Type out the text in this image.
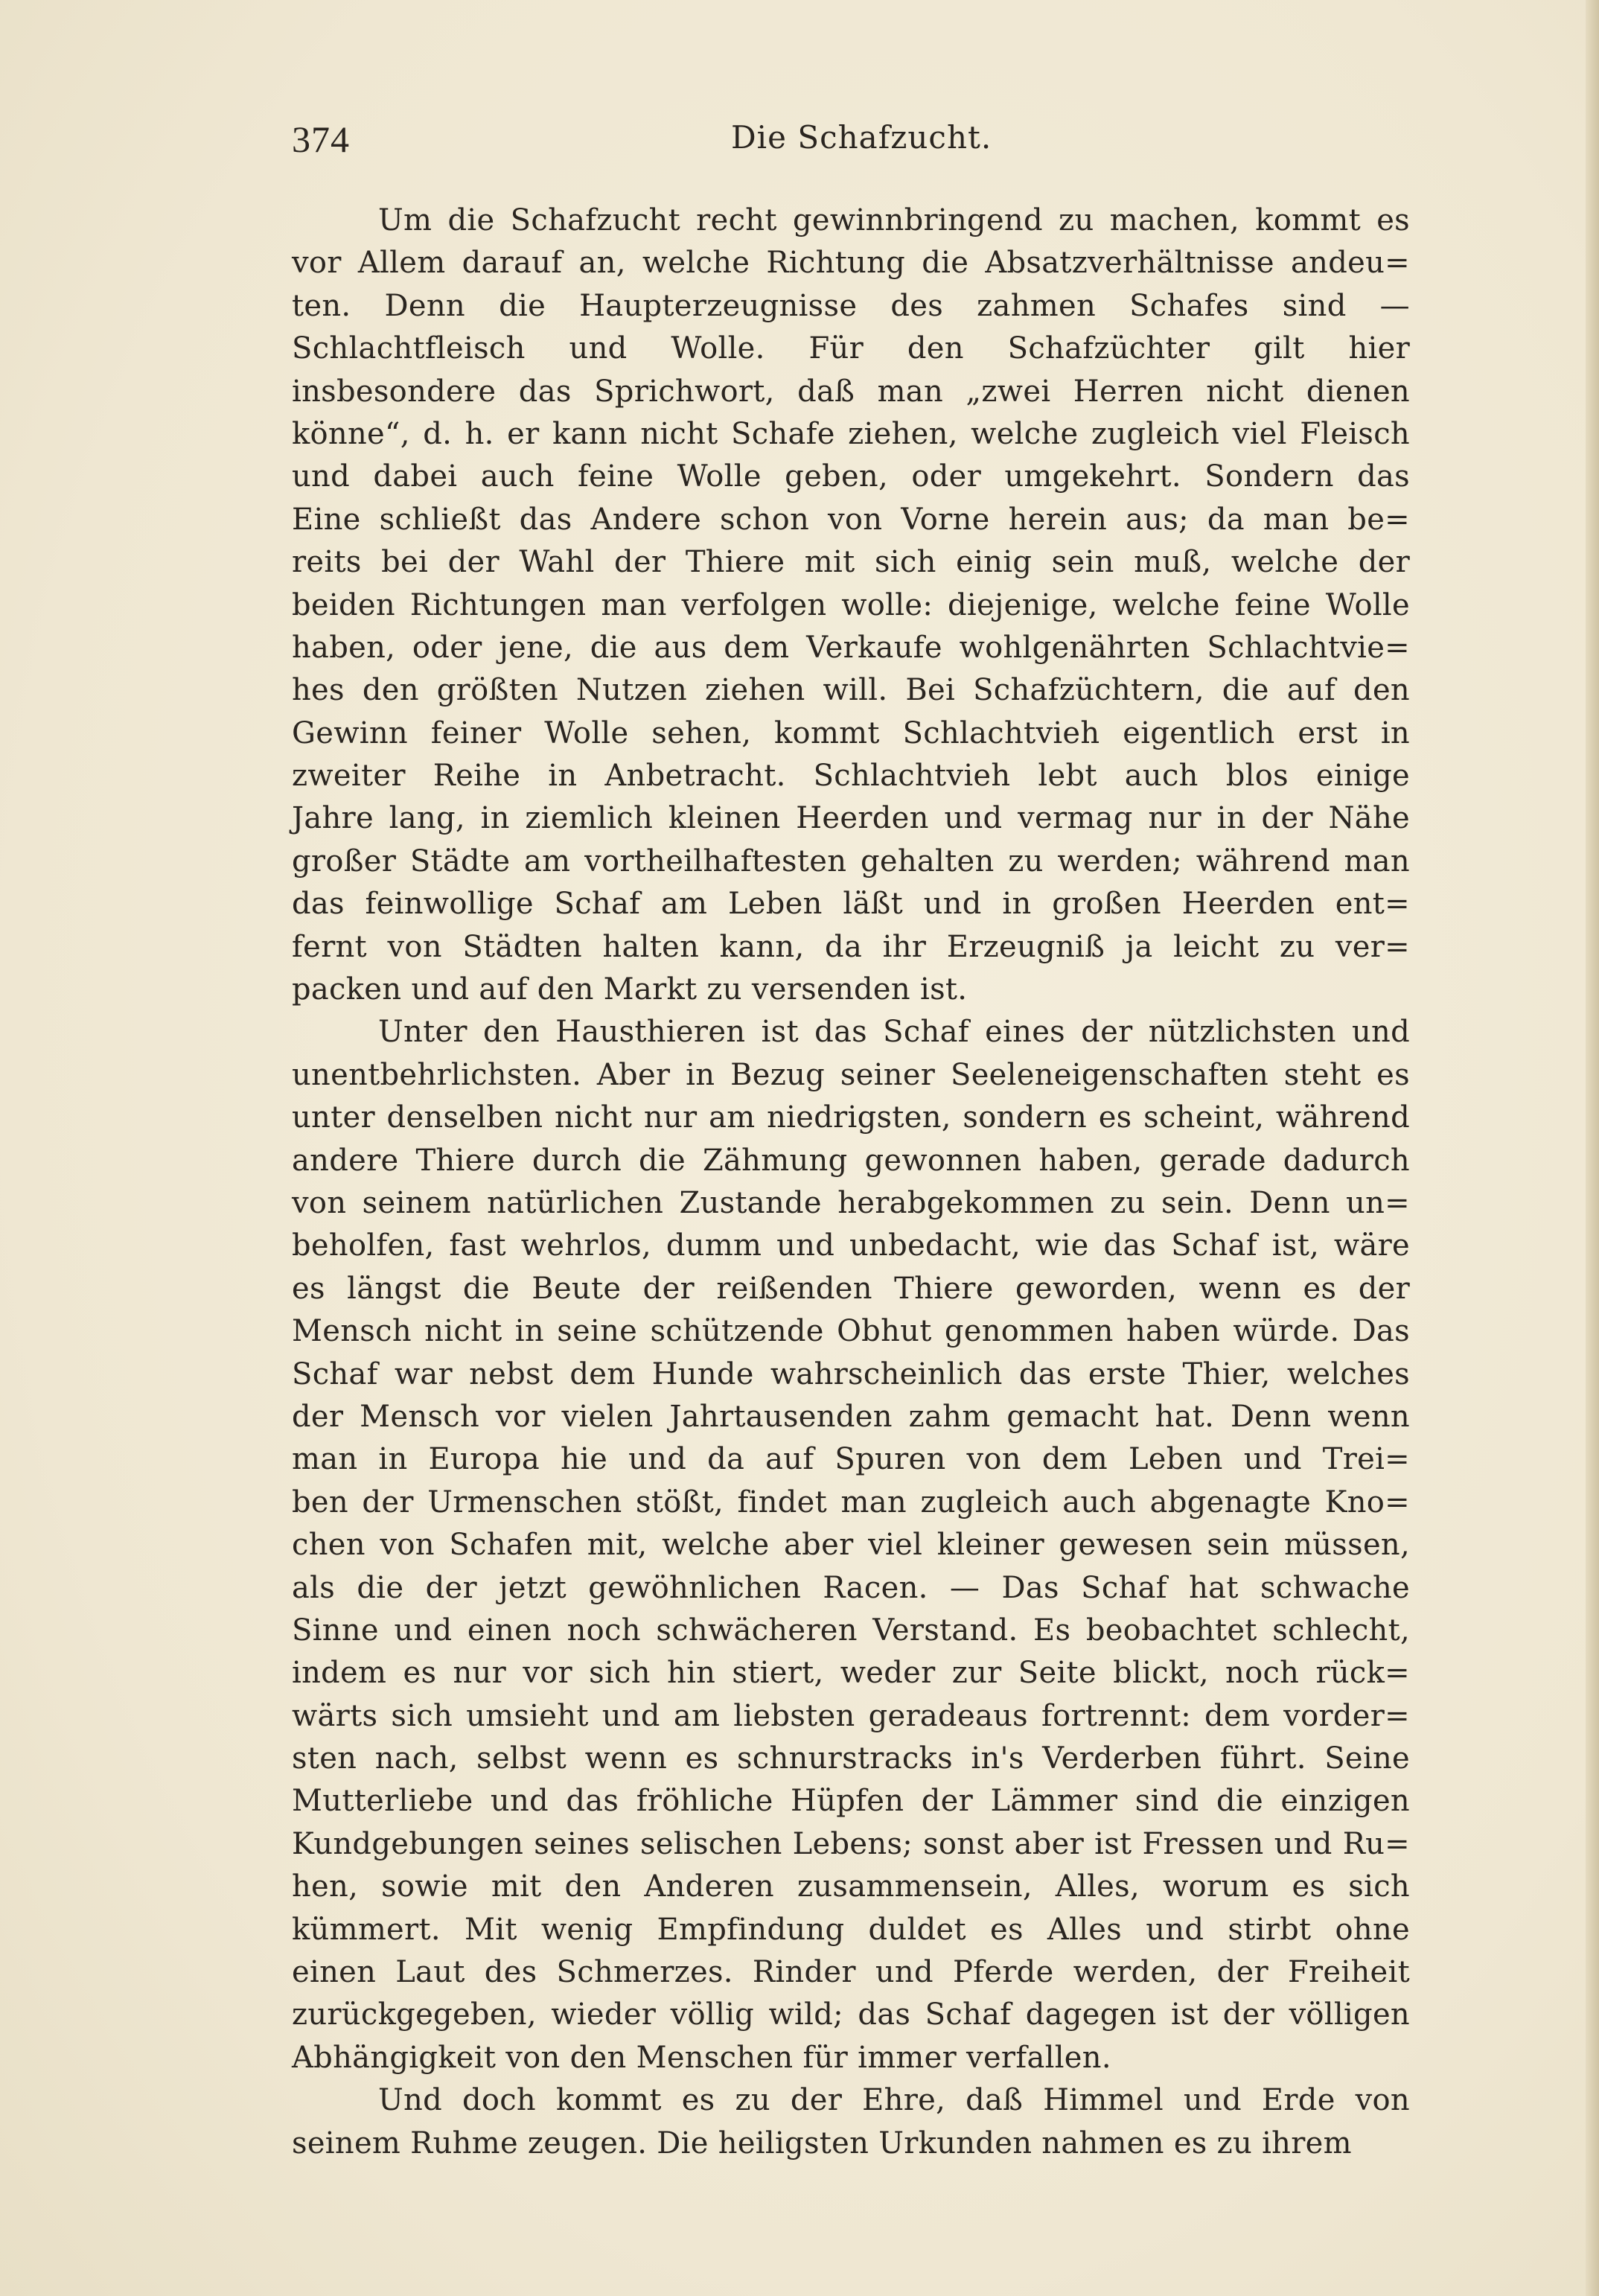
374	Die Schafzucht.
Um die Schafzucht recht gewinnbringend zu machen, kommt es
vor Allem darauf an, welche Richtung die Absatzverhältnisse andeu=
ten. Denn die Haupterzeugnisse des zahmen Schafes sind —
Schlachtfleisch und Wolle. Für den Schafzüchter gilt hier
insbesondere das Sprichwort, daß man „zwei Herren nicht dienen
könne“, d. h. er kann nicht Schafe ziehen, welche zugleich viel Fleisch
und dabei auch feine Wolle geben, oder umgekehrt. Sondern das
Eine schließt das Andere schon von Vorne herein aus; da man be=
reits bei der Wahl der Thiere mit sich einig sein muß, welche der
beiden Richtungen man verfolgen wolle: diejenige, welche feine Wolle
haben, oder jene, die aus dem Verkaufe wohlgenährten Schlachtvie=
hes den größten Nutzen ziehen will. Bei Schafzüchtern, die auf den
Gewinn feiner Wolle sehen, kommt Schlachtvieh eigentlich erst in
zweiter Reihe in Anbetracht. Schlachtvieh lebt auch blos einige
Jahre lang, in ziemlich kleinen Heerden und vermag nur in der Nähe
großer Städte am vortheilhaftesten gehalten zu werden; während man
das feinwollige Schaf am Leben läßt und in großen Heerden ent=
fernt von Städten halten kann, da ihr Erzeugniß ja leicht zu ver=
packen und auf den Markt zu versenden ist.
Unter den Hausthieren ist das Schaf eines der nützlichsten und
unentbehrlichsten. Aber in Bezug seiner Seeleneigenschaften steht es
unter denselben nicht nur am niedrigsten, sondern es scheint, während
andere Thiere durch die Zähmung gewonnen haben, gerade dadurch
von seinem natürlichen Zustande herabgekommen zu sein. Denn un=
beholfen, fast wehrlos, dumm und unbedacht, wie das Schaf ist, wäre
es längst die Beute der reißenden Thiere geworden, wenn es der
Mensch nicht in seine schützende Obhut genommen haben würde. Das
Schaf war nebst dem Hunde wahrscheinlich das erste Thier, welches
der Mensch vor vielen Jahrtausenden zahm gemacht hat. Denn wenn
man in Europa hie und da auf Spuren von dem Leben und Trei=
ben der Urmenschen stößt, findet man zugleich auch abgenagte Kno=
chen von Schafen mit, welche aber viel kleiner gewesen sein müssen,
als die der jetzt gewöhnlichen Racen. — Das Schaf hat schwache
Sinne und einen noch schwächeren Verstand. Es beobachtet schlecht,
indem es nur vor sich hin stiert, weder zur Seite blickt, noch rück=
wärts sich umsieht und am liebsten geradeaus fortrennt: dem vorder=
sten nach, selbst wenn es schnurstracks in's Verderben führt. Seine
Mutterliebe und das fröhliche Hüpfen der Lämmer sind die einzigen
Kundgebungen seines selischen Lebens; sonst aber ist Fressen und Ru=
hen, sowie mit den Anderen zusammensein, Alles, worum es sich
kümmert. Mit wenig Empfindung duldet es Alles und stirbt ohne
einen Laut des Schmerzes. Rinder und Pferde werden, der Freiheit
zurückgegeben, wieder völlig wild; das Schaf dagegen ist der völligen
Abhängigkeit von den Menschen für immer verfallen.
Und doch kommt es zu der Ehre, daß Himmel und Erde von
seinem Ruhme zeugen. Die heiligsten Urkunden nahmen es zu ihrem
